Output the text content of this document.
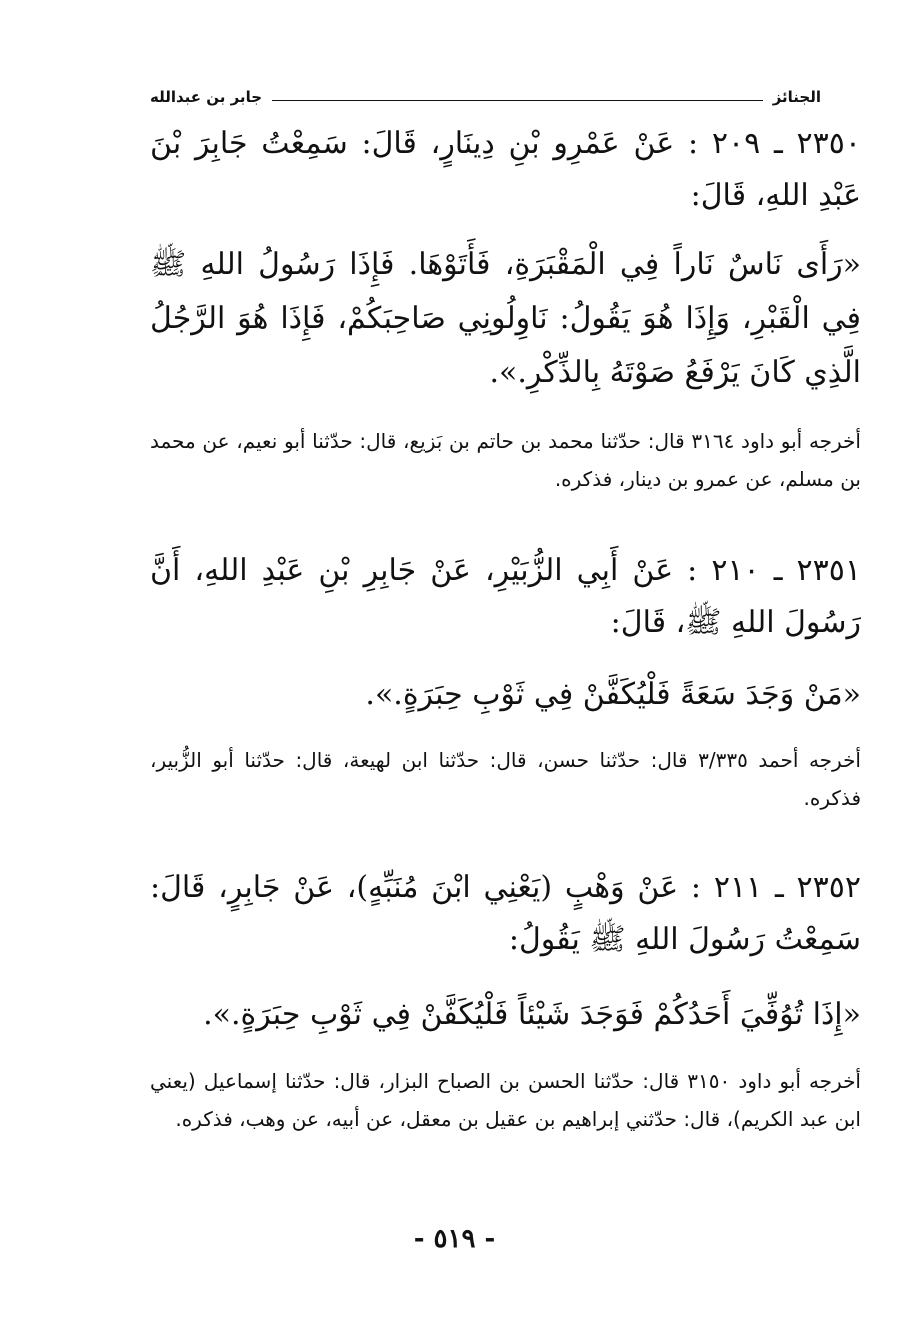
الجنائز
جابر بن عبدالله

٢٣٥٠ ـ ٢٠٩ : عَنْ عَمْرِو بْنِ دِينَارٍ، قَالَ: سَمِعْتُ جَابِرَ بْنَ عَبْدِ اللهِ، قَالَ:

«رَأَى نَاسٌ نَاراً فِي الْمَقْبَرَةِ، فَأَتَوْهَا. فَإِذَا رَسُولُ اللهِ ﷺ فِي الْقَبْرِ، وَإِذَا هُوَ يَقُولُ: نَاوِلُونِي صَاحِبَكُمْ، فَإِذَا هُوَ الرَّجُلُ الَّذِي كَانَ يَرْفَعُ صَوْتَهُ بِالذِّكْرِ.».

أخرجه أبو داود ٣١٦٤ قال: حدّثنا محمد بن حاتم بن بَزيع، قال: حدّثنا أبو نعيم، عن محمد بن مسلم، عن عمرو بن دينار، فذكره.

٢٣٥١ ـ ٢١٠ : عَنْ أَبِي الزُّبَيْرِ، عَنْ جَابِرِ بْنِ عَبْدِ اللهِ، أَنَّ رَسُولَ اللهِ ﷺ، قَالَ:

«مَنْ وَجَدَ سَعَةً فَلْيُكَفَّنْ فِي ثَوْبِ حِبَرَةٍ.».

أخرجه أحمد ٣/٣٣٥ قال: حدّثنا حسن، قال: حدّثنا ابن لهيعة، قال: حدّثنا أبو الزُّبير، فذكره.

٢٣٥٢ ـ ٢١١ : عَنْ وَهْبٍ (يَعْنِي ابْنَ مُنَبِّهٍ)، عَنْ جَابِرٍ، قَالَ: سَمِعْتُ رَسُولَ اللهِ ﷺ يَقُولُ:

«إِذَا تُوُفِّيَ أَحَدُكُمْ فَوَجَدَ شَيْئاً فَلْيُكَفَّنْ فِي ثَوْبِ حِبَرَةٍ.».

أخرجه أبو داود ٣١٥٠ قال: حدّثنا الحسن بن الصباح البزار، قال: حدّثنا إسماعيل (يعني ابن عبد الكريم)، قال: حدّثني إبراهيم بن عقيل بن معقل، عن أبيه، عن وهب، فذكره.

- ٥١٩ -
